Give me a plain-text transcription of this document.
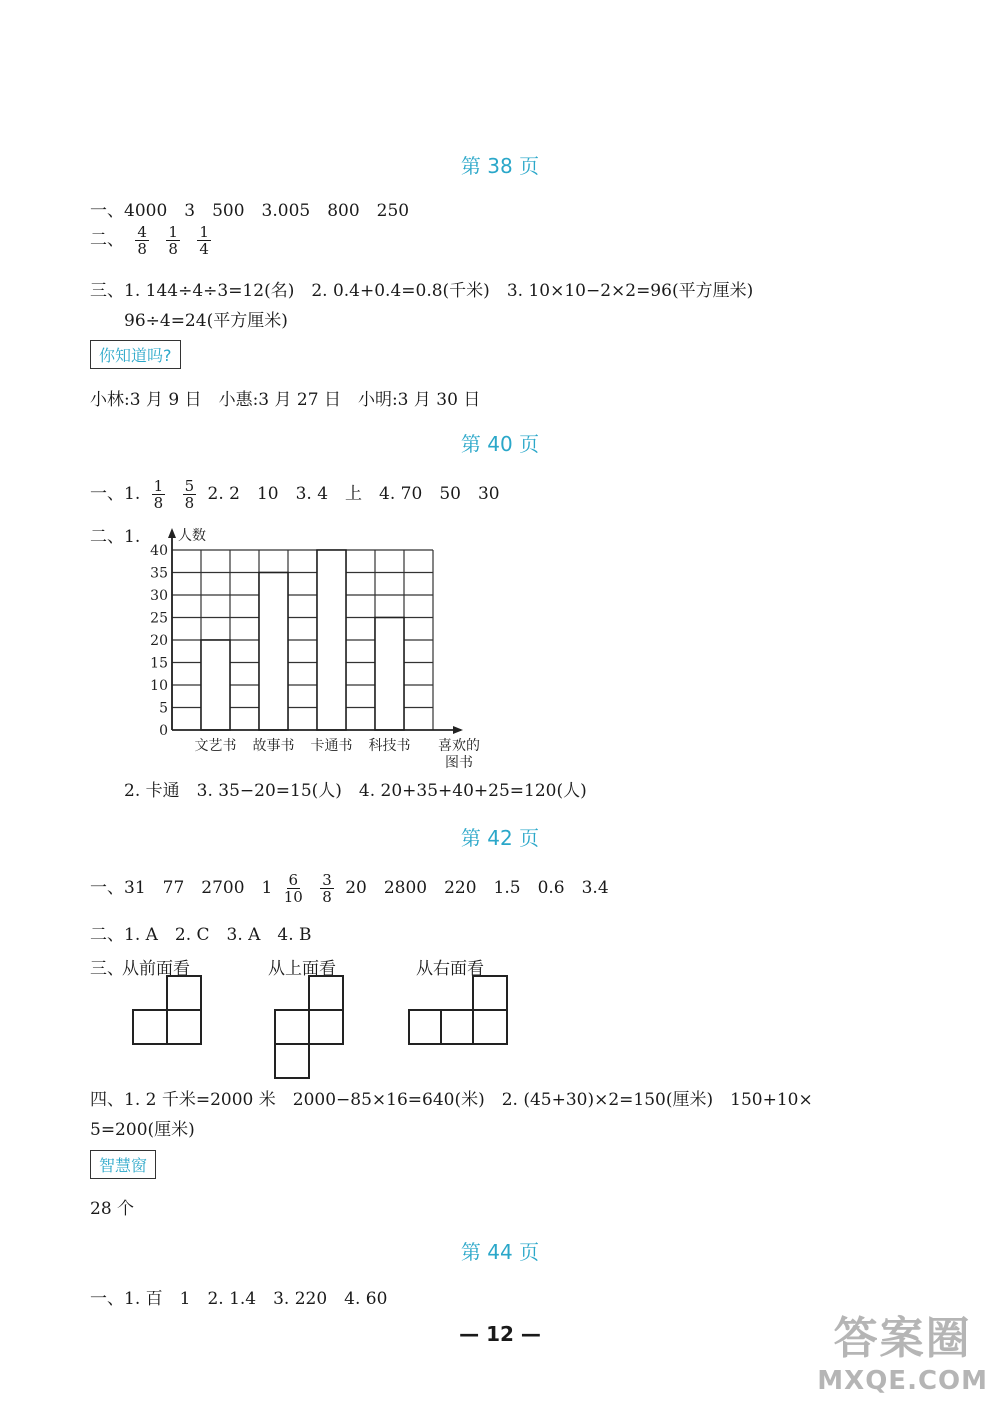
第 38 页
一、4000　3　500　3.005　800　250
二、 $\frac{4}{8}$
$\frac{1}{8}$
$\frac{1}{4}$
三、1. 144÷4÷3=12(名)　2. 0.4+0.4=0.8(千米)　3. 10×10−2×2=96(平方厘米)
96÷4=24(平方厘米)
你知道吗?
小林:3 月 9 日　小惠:3 月 27 日　小明:3 月 30 日
第 40 页
一、1. $\frac{1}{8}$
$\frac{5}{8} 2$. 2　10　3. 4　上　4. 70　50　30
二、1.
0
5
10
15
20
25
30
35
40
人数
文艺书 故事书 卡通书 科技书 喜欢的
图书
2. 卡通　3. 35−20=15(人)　4. 20+35+40+25=120(人)
第 42 页
一、31　77　2700　$1 \frac{6}{10}$
$\frac{3}{8} 20$　2800　220　1.5　0.6　3.4
二、1. A　2. C　3. A　4. B
三、
从前面看	从上面看	从右面看
四、1. 2 千米=2000 米　2000−85×16=640(米)　2. (45+30)×2=150(厘米)　150+10×
5=200(厘米)
智慧窗
28 个
第 44 页
一、1. 百　1　2. 1.4　3. 220　4. 60
— 12 —	答案圈
MXQE.COM
